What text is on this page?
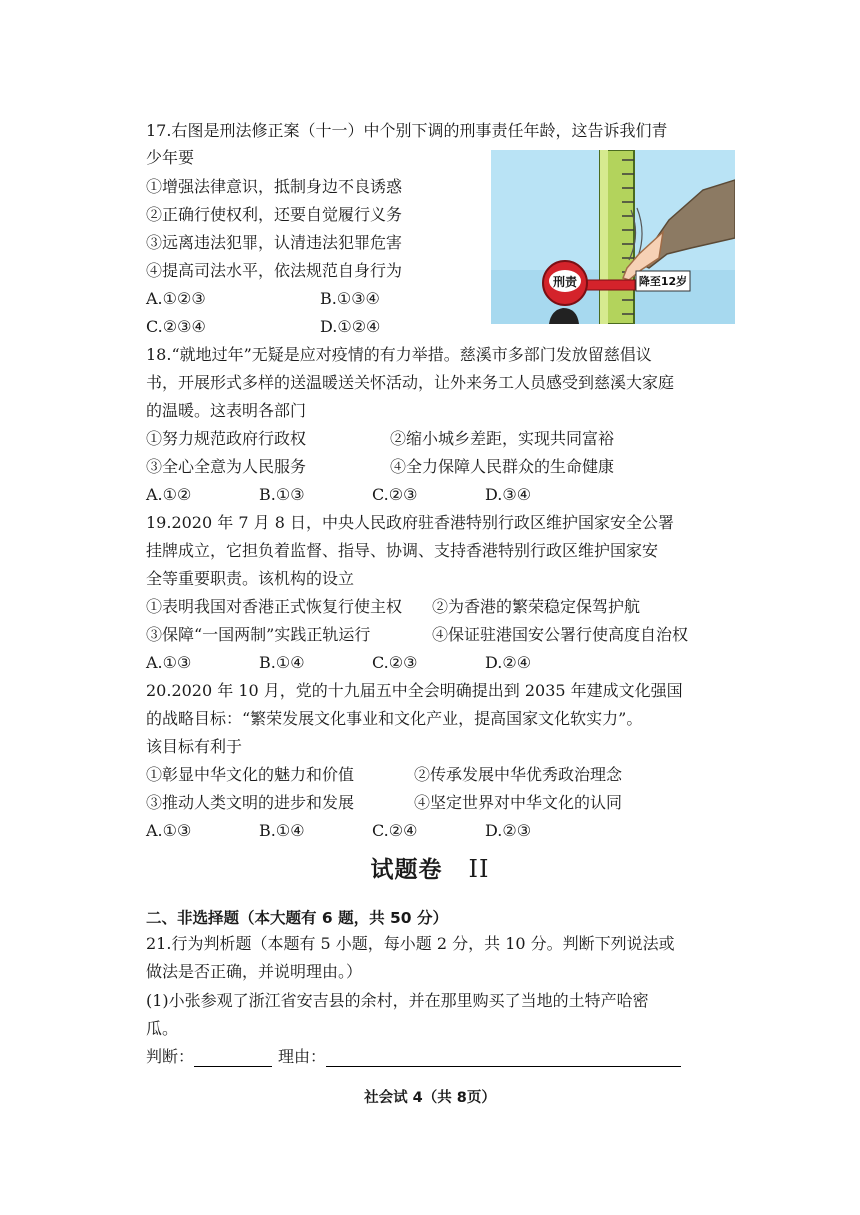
17.右图是刑法修正案（十一）中个别下调的刑事责任年龄，这告诉我们青
少年要
①增强法律意识，抵制身边不良诱惑
②正确行使权利，还要自觉履行义务
③远离违法犯罪，认清违法犯罪危害
④提高司法水平，依法规范自身行为
A.①②③	B.①③④
C.②③④	D.①②④
刑责	降至12岁
18.“就地过年”无疑是应对疫情的有力举措。慈溪市多部门发放留慈倡议
书，开展形式多样的送温暖送关怀活动，让外来务工人员感受到慈溪大家庭
的温暖。这表明各部门
①努力规范政府行政权	②缩小城乡差距，实现共同富裕
③全心全意为人民服务	④全力保障人民群众的生命健康
A.①②	B.①③	C.②③	D.③④
19.2020 年 7 月 8 日，中央人民政府驻香港特别行政区维护国家安全公署
挂牌成立，它担负着监督、指导、协调、支持香港特别行政区维护国家安
全等重要职责。该机构的设立
①表明我国对香港正式恢复行使主权 ②为香港的繁荣稳定保驾护航
③保障“一国两制”实践正轨运行	④保证驻港国安公署行使高度自治权
A.①③	B.①④	C.②③	D.②④
20.2020 年 10 月，党的十九届五中全会明确提出到 2035 年建成文化强国
的战略目标：“繁荣发展文化事业和文化产业，提高国家文化软实力”。
该目标有利于
①彰显中华文化的魅力和价值	②传承发展中华优秀政治理念
③推动人类文明的进步和发展	④坚定世界对中华文化的认同
A.①③	B.①④	C.②④	D.②③
试题卷 II
二、非选择题（本大题有 6 题，共 50 分）
21.行为判析题（本题有 5 小题，每小题 2 分，共 10 分。判断下列说法或
做法是否正确，并说明理由。）
(1)小张参观了浙江省安吉县的余村，并在那里购买了当地的土特产哈密
瓜。
判断：	理由：
社会试 4（共 8页）
